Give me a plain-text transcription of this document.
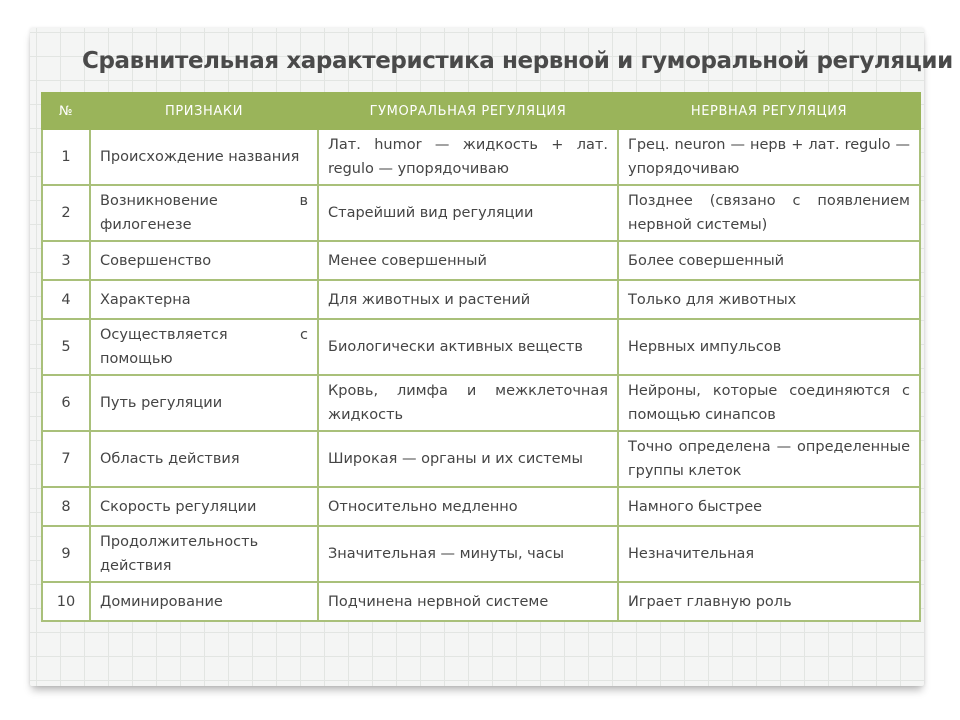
Сравнительная характеристика нервной и гуморальной регуляции
№	ПРИЗНАКИ	ГУМОРАЛЬНАЯ РЕГУЛЯЦИЯ	НЕРВНАЯ РЕГУЛЯЦИЯ
1	Происхождение названия	Лат. humor — жидкость + лат. regulo — упорядочиваю	Грец. neuron — нерв + лат. regulo — упорядочиваю
2	Возникновение в филогенезе	Старейший вид регуляции	Позднее (связано с появлением нервной системы)
3	Совершенство	Менее совершенный	Более совершенный
4	Характерна	Для животных и растений	Только для животных
5	Осуществляется с помощью	Биологически активных веществ	Нервных импульсов
6	Путь регуляции	Кровь, лимфа и межклеточная жидкость	Нейроны, которые соединяются с помощью синапсов
7	Область действия	Широкая — органы и их системы	Точно определена — определенные группы клеток
8	Скорость регуляции	Относительно медленно	Намного быстрее
9	Продолжительность действия	Значительная — минуты, часы	Незначительная
10	Доминирование	Подчинена нервной системе	Играет главную роль
